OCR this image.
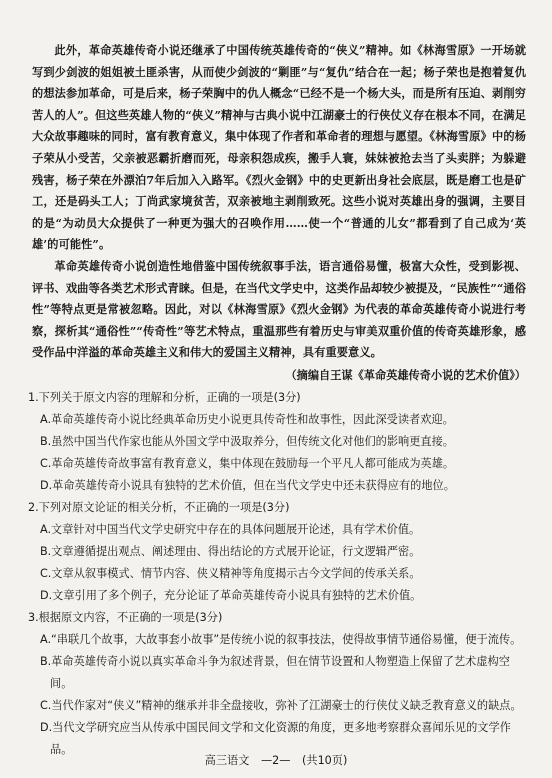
此外，革命英雄传奇小说还继承了中国传统英雄传奇的“侠义”精神。如《林海雪原》一开场就写到少剑波的姐姐被土匪杀害，从而使少剑波的“剿匪”与“复仇”结合在一起；杨子荣也是抱着复仇的想法参加革命，可是后来，杨子荣胸中的仇人概念“已经不是一个杨大头，而是所有压迫、剥削穷苦人的人”。但这些英雄人物的“侠义”精神与古典小说中江湖豪士的行侠仗义存在根本不同，在满足大众故事趣味的同时，富有教育意义，集中体现了作者和革命者的理想与愿望。《林海雪原》中的杨子荣从小受苦，父亲被恶霸折磨而死，母亲积怨成疾，搬手人寰，妹妹被抢去当了头卖胖；为躲避残害，杨子荣在外漂泊7年后加入入路军。《烈火金钢》中的史更新出身社会底层，既是磨工也是矿工，还是码头工人；丁尚武家境贫苦，双亲被地主剥削致死。这些小说对英雄出身的强调，主要目的是“为动员大众提供了一种更为强大的召唤作用……使一个“普通的儿女”都看到了自己成为‘英雄’的可能性”。

革命英雄传奇小说创造性地借鉴中国传统叙事手法，语言通俗易懂，极富大众性，受到影视、评书、戏曲等各类艺术形式青睐。但是，在当代文学史中，这类作品却较少被提及，“民族性”“通俗性”等特点更是常被忽略。因此，对以《林海雪原》《烈火金钢》为代表的革命英雄传奇小说进行考察，探析其“通俗性”“传奇性”等艺术特点，重温那些有着历史与审美双重价值的传奇英雄形象，感受作品中洋溢的革命英雄主义和伟大的爱国主义精神，具有重要意义。

（摘编自王谋《革命英雄传奇小说的艺术价值》）
1.下列关于原文内容的理解和分析，正确的一项是(3分)
A.革命英雄传奇小说比经典革命历史小说更具传奇性和故事性，因此深受读者欢迎。
B.虽然中国当代作家也能从外国文学中汲取养分，但传统文化对他们的影响更直接。
C.革命英雄传奇故事富有教育意义，集中体现在鼓励每一个平凡人都可能成为英雄。
D.革命英雄传奇小说具有独特的艺术价值，但在当代文学史中还未获得应有的地位。
2.下列对原文论证的相关分析，不正确的一项是(3分)
A.文章针对中国当代文学史研究中存在的具体问题展开论述，具有学术价值。
B.文章遵循提出观点、阐述理由、得出结论的方式展开论证，行文逻辑严密。
C.文章从叙事模式、情节内容、侠义精神等角度揭示古今文学间的传承关系。
D.文章引用了多个例子，充分论证了革命英雄传奇小说具有独特的艺术价值。
3.根据原文内容，不正确的一项是(3分)
A.“串联几个故事，大故事套小故事”是传统小说的叙事技法，使得故事情节通俗易懂，便于流传。
B.革命英雄传奇小说以真实革命斗争为叙述背景，但在情节设置和人物塑造上保留了艺术虚构空间。
C.当代作家对“侠义”精神的继承并非全盘接收，弥补了江湖豪士的行侠仗义缺乏教育意义的缺点。
D.当代文学研究应当从传承中国民间文学和文化资源的角度，更多地考察群众喜闻乐见的文学作品。
高三语文 —2— (共10页)
